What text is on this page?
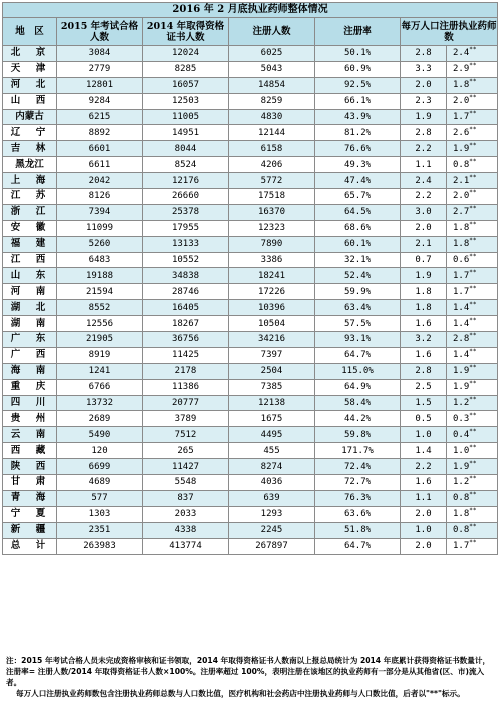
2016 年 2 月底执业药师整体情况						
地　区	2015 年考试合格人数	2014 年取得资格证书人数	注册人数	注册率	每万人口注册执业药师数	
北　京	3084	12024	6025	50.1%	2.8	2.4**
天　津	2779	8285	5043	60.9%	3.3	2.9**
河　北	12801	16057	14854	92.5%	2.0	1.8**
山　西	9284	12503	8259	66.1%	2.3	2.0**
内蒙古	6215	11005	4830	43.9%	1.9	1.7**
辽　宁	8892	14951	12144	81.2%	2.8	2.6**
吉　林	6601	8044	6158	76.6%	2.2	1.9**
黑龙江	6611	8524	4206	49.3%	1.1	0.8**
上　海	2042	12176	5772	47.4%	2.4	2.1**
江　苏	8126	26660	17518	65.7%	2.2	2.0**
浙　江	7394	25378	16370	64.5%	3.0	2.7**
安　徽	11099	17955	12323	68.6%	2.0	1.8**
福　建	5260	13133	7890	60.1%	2.1	1.8**
江　西	6483	10552	3386	32.1%	0.7	0.6**
山　东	19188	34838	18241	52.4%	1.9	1.7**
河　南	21594	28746	17226	59.9%	1.8	1.7**
湖　北	8552	16405	10396	63.4%	1.8	1.4**
湖　南	12556	18267	10504	57.5%	1.6	1.4**
广　东	21905	36756	34216	93.1%	3.2	2.8**
广　西	8919	11425	7397	64.7%	1.6	1.4**
海　南	1241	2178	2504	115.0%	2.8	1.9**
重　庆	6766	11386	7385	64.9%	2.5	1.9**
四　川	13732	20777	12138	58.4%	1.5	1.2**
贵　州	2689	3789	1675	44.2%	0.5	0.3**
云　南	5490	7512	4495	59.8%	1.0	0.4**
西　藏	120	265	455	171.7%	1.4	1.0**
陕　西	6699	11427	8274	72.4%	2.2	1.9**
甘　肃	4689	5548	4036	72.7%	1.6	1.2**
青　海	577	837	639	76.3%	1.1	0.8**
宁　夏	1303	2033	1293	63.6%	2.0	1.8**
新　疆	2351	4338	2245	51.8%	1.0	0.8**
总　计	263983	413774	267897	64.7%	2.0	1.7**

注：2015 年考试合格人员未完成资格审核和证书领取，2014 年取得资格证书人数南以上报总局统计为 2014 年底累计获得资格证书数量计，注册率= 注册人数/2014 年取得资格证书人数×100%。注册率超过 100%，表明注册在该地区的执业药师有一部分是从其他省(区、市)流入者。

每万人口注册执业药师数包含注册执业药师总数与人口数比值，医疗机构和社会药店中注册执业药师与人口数比值，后者以"**"标示。
